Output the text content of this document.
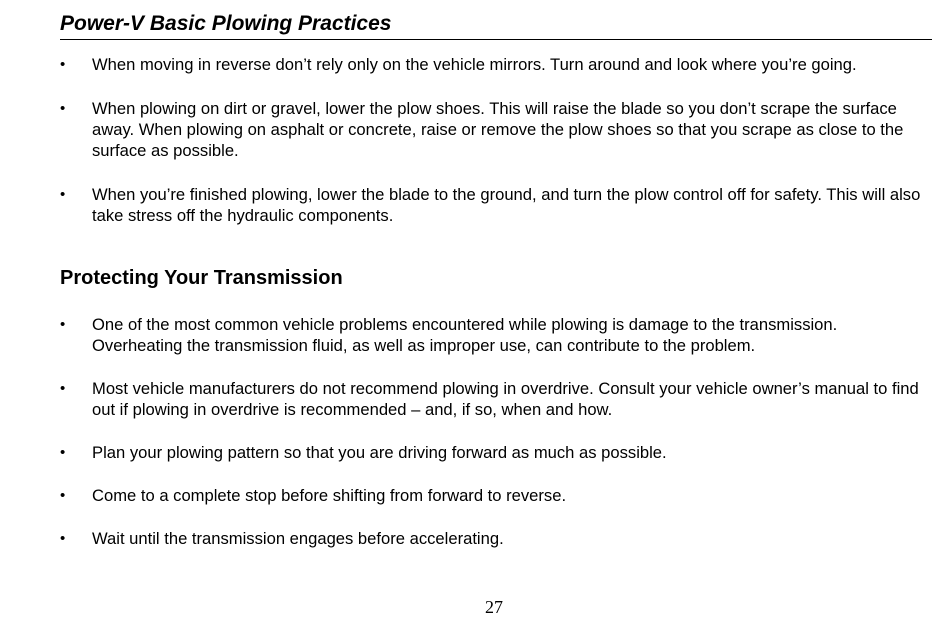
Power-V Basic Plowing Practices
• When moving in reverse don’t rely only on the vehicle mirrors. Turn around and look where you’re going.
• When plowing on dirt or gravel, lower the plow shoes. This will raise the blade so you don’t scrape the surface away. When plowing on asphalt or concrete, raise or remove the plow shoes so that you scrape as close to the surface as possible.
• When you’re finished plowing, lower the blade to the ground, and turn the plow control off for safety. This will also take stress off the hydraulic components.
Protecting Your Transmission
• One of the most common vehicle problems encountered while plowing is damage to the transmission. Overheating the transmission fluid, as well as improper use, can contribute to the problem.
• Most vehicle manufacturers do not recommend plowing in overdrive. Consult your vehicle owner’s manual to find out if plowing in overdrive is recommended – and, if so, when and how.
• Plan your plowing pattern so that you are driving forward as much as possible.
• Come to a complete stop before shifting from forward to reverse.
• Wait until the transmission engages before accelerating.
27
